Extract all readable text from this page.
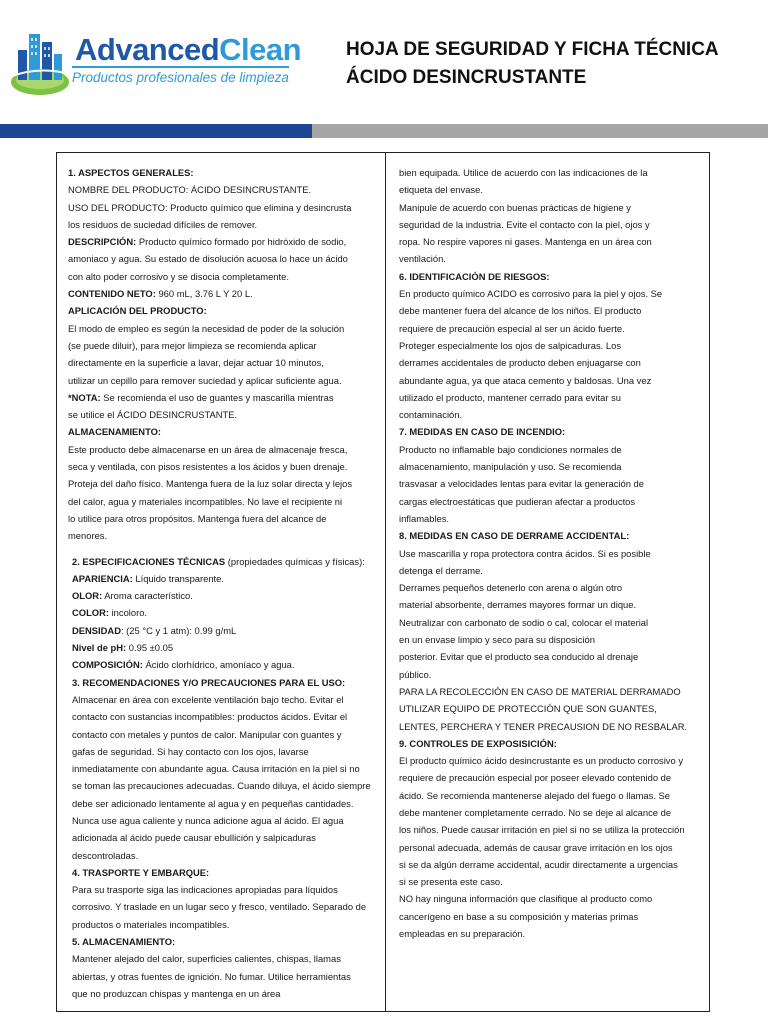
AdvancedClean
Productos profesionales de limpieza
HOJA DE SEGURIDAD Y FICHA TÉCNICA
ÁCIDO DESINCRUSTANTE
1. ASPECTOS GENERALES:
NOMBRE DEL PRODUCTO: ÁCIDO DESINCRUSTANTE.
USO DEL PRODUCTO: Producto químico que elimina y desincrusta
los residuos de suciedad difíciles de remover.
DESCRIPCIÓN: Producto químico formado por hidróxido de sodio,
amoniaco y agua. Su estado de disolución acuosa lo hace un ácido
con alto poder corrosivo y se disocia completamente.
CONTENIDO NETO: 960 mL, 3.76 L Y 20 L.
APLICACIÓN DEL PRODUCTO:
El modo de empleo es según la necesidad de poder de la solución
(se puede diluir), para mejor limpieza se recomienda aplicar
directamente en la superficie a lavar, dejar actuar 10 minutos,
utilizar un cepillo para remover suciedad y aplicar suficiente agua.
*NOTA: Se recomienda el uso de guantes y mascarilla mientras
se utilice el ÁCIDO DESINCRUSTANTE.
ALMACENAMIENTO:
Este producto debe almacenarse en un área de almacenaje fresca,
seca y ventilada, con pisos resistentes a los ácidos y buen drenaje.
Proteja del daño físico. Mantenga fuera de la luz solar directa y lejos
del calor, agua y materiales incompatibles. No lave el recipiente ni
lo utilice para otros propósitos. Mantenga fuera del alcance de
menores.
2. ESPECIFICACIONES TÉCNICAS (propiedades químicas y físicas):
APARIENCIA: Líquido transparente.
OLOR: Aroma característico.
COLOR: incoloro.
DENSIDAD: (25 °C y 1 atm): 0.99 g/mL
Nivel de pH: 0.95 ±0.05
COMPOSICIÓN: Ácido clorhídrico, amoníaco y agua.
3. RECOMENDACIONES Y/O PRECAUCIONES PARA EL USO:
Almacenar en área con excelente ventilación bajo techo. Evitar el
contacto con sustancias incompatibles: productos ácidos. Evitar el
contacto con metales y puntos de calor. Manipular con guantes y
gafas de seguridad. Si hay contacto con los ojos, lavarse
inmediatamente con abundante agua. Causa irritación en la piel si no
se toman las precauciones adecuadas. Cuando diluya, el ácido siempre
debe ser adicionado lentamente al agua y en pequeñas cantidades.
Nunca use agua caliente y nunca adicione agua al ácido. El agua
adicionada al ácido puede causar ebullición y salpicaduras
descontroladas.
4. TRASPORTE Y EMBARQUE:
Para su trasporte siga las indicaciones apropiadas para líquidos
corrosivo. Y traslade en un lugar seco y fresco, ventilado. Separado de
productos o materiales incompatibles.
5. ALMACENAMIENTO:
Mantener alejado del calor, superficies calientes, chispas, llamas
abiertas, y otras fuentes de ignición. No fumar. Utilice herramientas
que no produzcan chispas y mantenga en un área
bien equipada. Utilice de acuerdo con las indicaciones de la
etiqueta del envase.
Manipule de acuerdo con buenas prácticas de higiene y
seguridad de la industria. Evite el contacto con la piel, ojos y
ropa. No respire vapores ni gases. Mantenga en un área con
ventilación.
6. IDENTIFICACIÓN DE RIESGOS:
En producto químico ACIDO es corrosivo para la piel y ojos. Se
debe mantener fuera del alcance de los niños. El producto
requiere de precaución especial al ser un ácido fuerte.
Proteger especialmente los ojos de salpicaduras. Los
derrames accidentales de producto deben enjuagarse con
abundante agua, ya que ataca cemento y baldosas. Una vez
utilizado el producto, mantener cerrado para evitar su
contaminación.
7. MEDIDAS EN CASO DE INCENDIO:
Producto no inflamable bajo condiciones normales de
almacenamiento, manipulación y uso. Se recomienda
trasvasar a velocidades lentas para evitar la generación de
cargas electroestáticas que pudieran afectar a productos
inflamables.
8. MEDIDAS EN CASO DE DERRAME ACCIDENTAL:
Use mascarilla y ropa protectora contra ácidos. Si es posible
detenga el derrame.
Derrames pequeños detenerlo con arena o algún otro
material absorbente, derrames mayores formar un dique.
Neutralizar con carbonato de sodio o cal, colocar el material
en un envase limpio y seco para su disposición
posterior. Evitar que el producto sea conducido al drenaje
público.
PARA LA RECOLECCIÓN EN CASO DE MATERIAL DERRAMADO
UTILIZAR EQUIPO DE PROTECCIÓN QUE SON GUANTES,
LENTES, PERCHERA Y TENER PRECAUSION DE NO RESBALAR.
9. CONTROLES DE EXPOSISICIÓN:
El producto químico ácido desincrustante es un producto corrosivo y
requiere de precaución especial por poseer elevado contenido de
ácido. Se recomienda mantenerse alejado del fuego o llamas. Se
debe mantener completamente cerrado. No se deje al alcance de
los niños. Puede causar irritación en piel si no se utiliza la protección
personal adecuada, además de causar grave irritación en los ojos
si se da algún derrame accidental, acudir directamente a urgencias
si se presenta este caso.
NO hay ninguna información que clasifique al producto como
cancerígeno en base a su composición y materias primas
empleadas en su preparación.
